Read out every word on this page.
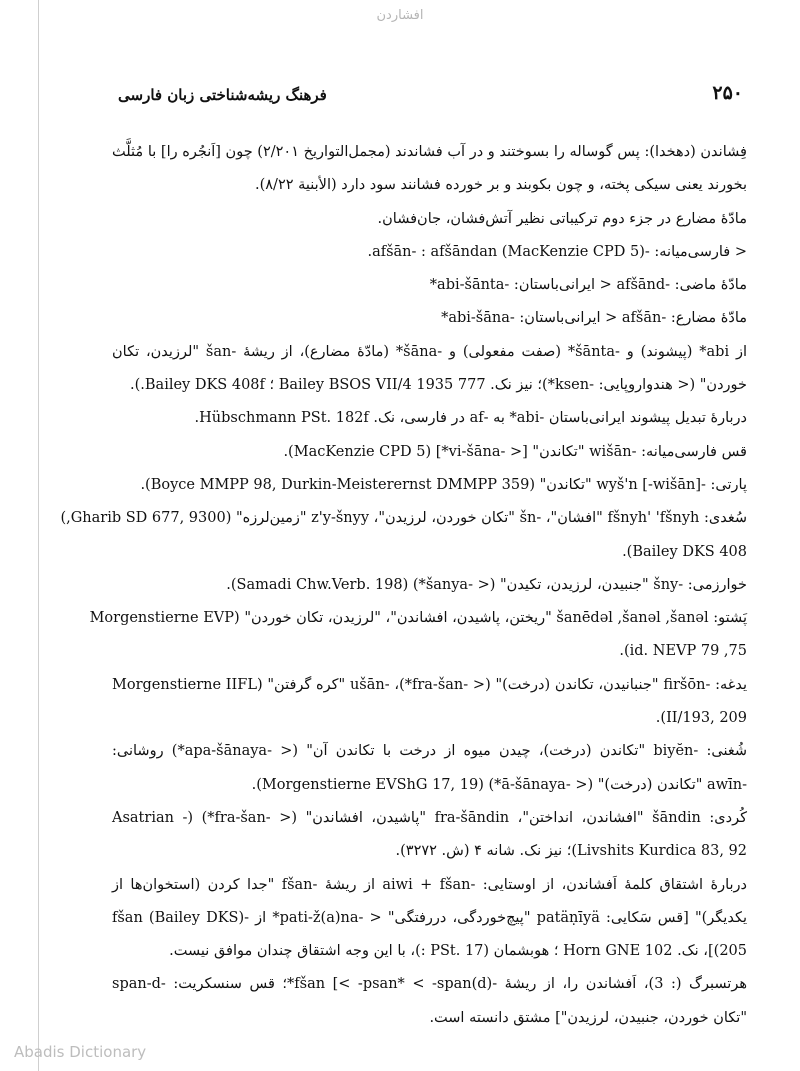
افشاردن
فرهنگ ریشه‌شناختی زبان فارسی	۲۵۰
فِشاندن (دهخدا): پس گوساله را بسوختند و در آب فشاندند (مجمل‌التواریخ ۲/۲۰۱) چون [اَنجُره را] با مُثلَّث
بخورند یعنی سیکی پخته، و چون بکوبند و بر خورده فشانند سود دارد (الأبنیة ۸/۲۲).
مادّهٔ مضارع در جزء دوم ترکیباتی نظیر آتش‌فشان، جان‌فشان.
< فارسی‌میانه: -afšān- : afšāndan (MacKenzie CPD 5).
مادّهٔ ماضی: -afšānd < ایرانی‌باستان: -abi-šānta*
مادّهٔ مضارع: -afšān < ایرانی‌باستان: -abi-šāna*
از abi* (پیشوند) و -šānta* (صفت مفعولی) و -šāna* (مادّهٔ مضارع)، از ریشهٔ -šan "لرزیدن، تکان
خوردن" (< هندواروپایی: -ksen*)؛ نیز نک. Bailey BSOS VII/4 1935 777 ؛ Bailey DKS 408f.).
دربارهٔ تبدیل پیشوند ایرانی‌باستان -abi* به -af در فارسی، نک. Hübschmann PSt. 182f.
قس فارسی‌میانه: -wišān "تکاندن" [< -vi-šāna*] (MacKenzie CPD 5).
پارتی: -[wišān-] wyš'n "تکاندن" (Boyce MMPP 98, Durkin-Meisterernst DMMPP 359).
سُغدی: fšnyh' 'fšnyh "افشان"، -šn "تکان خوردن، لرزیدن"، z'y-šnyy "زمین‌لرزه" (Gharib SD 677, 9300,)
Bailey DKS 408).
خوارزمی: -šny "جنبیدن، لرزیدن، تکیدن" (< -šanya*) (Samadi Chw.Verb. 198).
پَشتو: šanēdəl ,šanəl ,šanəl "ریختن، پاشیدن، افشاندن"، "لرزیدن، تکان خوردن" (Morgenstierne EVP
75, id. NEVP 79).
یدغه: -firšōn "جنبانیدن، تکاندن (درخت)" (< -fra-šan*)، -ušān "کره گرفتن" (Morgenstierne IIFL
II/193, 209).
شُغنی: -biyĕn "تکاندن (درخت)، چیدن میوه از درخت با تکاندن آن" (< -apa-šānaya*) روشانی:
-awīn "تکاندن (درخت)" (< -ā-šānaya*) (Morgenstierne EVShG 17, 19).
کُردی: šāndin "افشاندن، انداختن"، fra-šāndin "پاشیدن، افشاندن" (< -fra-šan*) (- Asatrian
Livshits Kurdica 83, 92)؛ نیز نک. شانه ۴ (ش. ۳۲۷۲).
دربارهٔ اشتقاق کلمهٔ اَفشاندن، از اوستایی: -aiwi + fšan از ریشهٔ -fšan "جدا کردن (استخوان‌ها از
یکدیگر)" [قس سَکایی: patäṇīyä "پیچ‌خوردگی، دررفتگی" < -pati-ž(a)na* از -fšan (Bailey DKS)
205)]، نک. Horn GNE 102 ؛ هوبشمان (PSt. 17 :)، با این وجه اشتقاق چندان موافق نیست.
هرتسبرگ (: 3)، اَفشاندن را، از ریشهٔ -fšan [< -psan* < -span(d)*؛ قس سنسکریت: -span-d
"تکان خوردن، جنبیدن، لرزیدن"] مشتق دانسته است.
Abadis Dictionary
